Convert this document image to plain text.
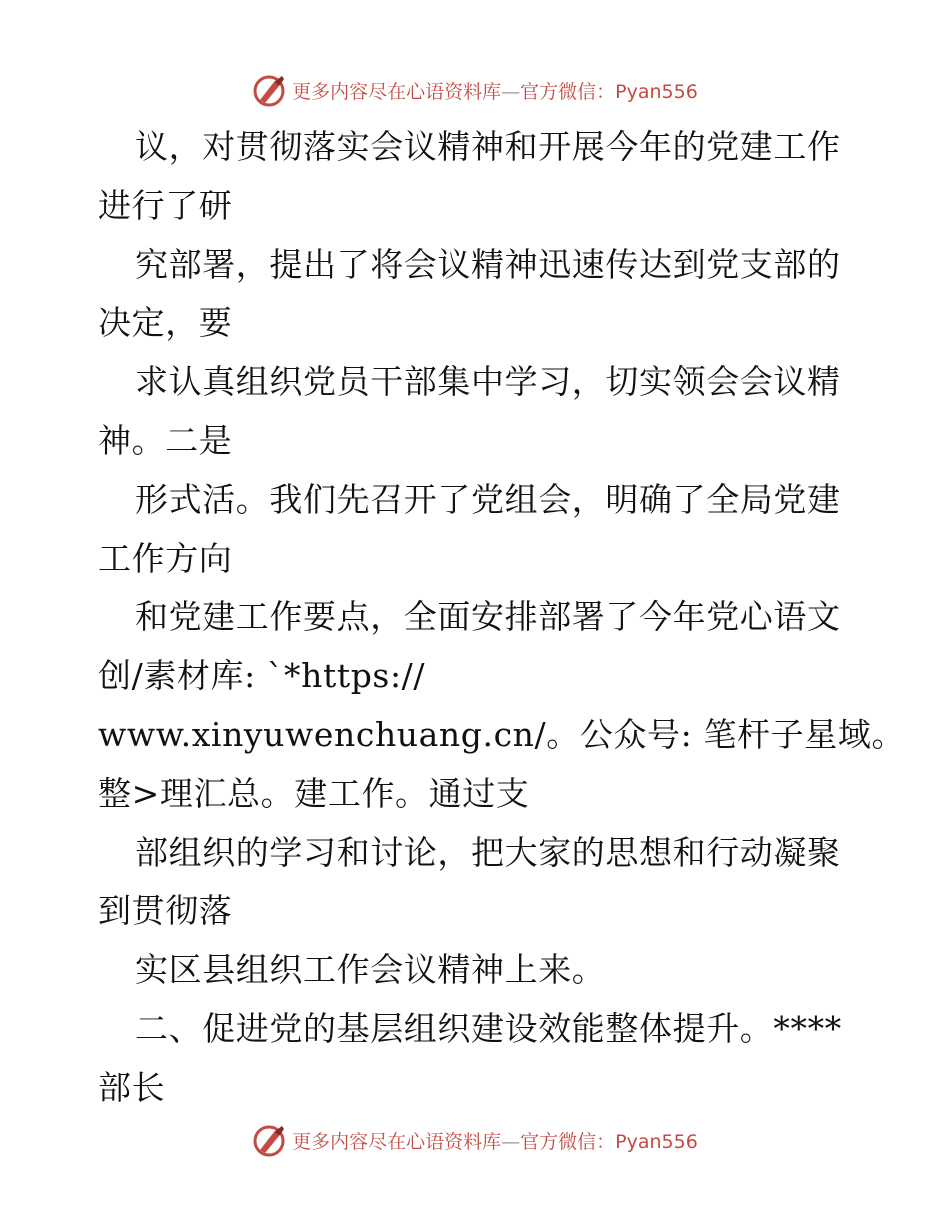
更多内容尽在心语资料库—官方微信：Pyan556
议，对贯彻落实会议精神和开展今年的党建工作
进行了研
究部署，提出了将会议精神迅速传达到党支部的
决定，要
求认真组织党员干部集中学习，切实领会会议精
神。二是
形式活。我们先召开了党组会，明确了全局党建
工作方向
和党建工作要点，全面安排部署了今年党心语文
创/素材库: `*https://
www.xinyuwenchuang.cn/。公众号: 笔杆子星域。
整>理汇总。建工作。通过支
部组织的学习和讨论，把大家的思想和行动凝聚
到贯彻落
实区县组织工作会议精神上来。
二、促进党的基层组织建设效能整体提升。****
部长
更多内容尽在心语资料库—官方微信：Pyan556
